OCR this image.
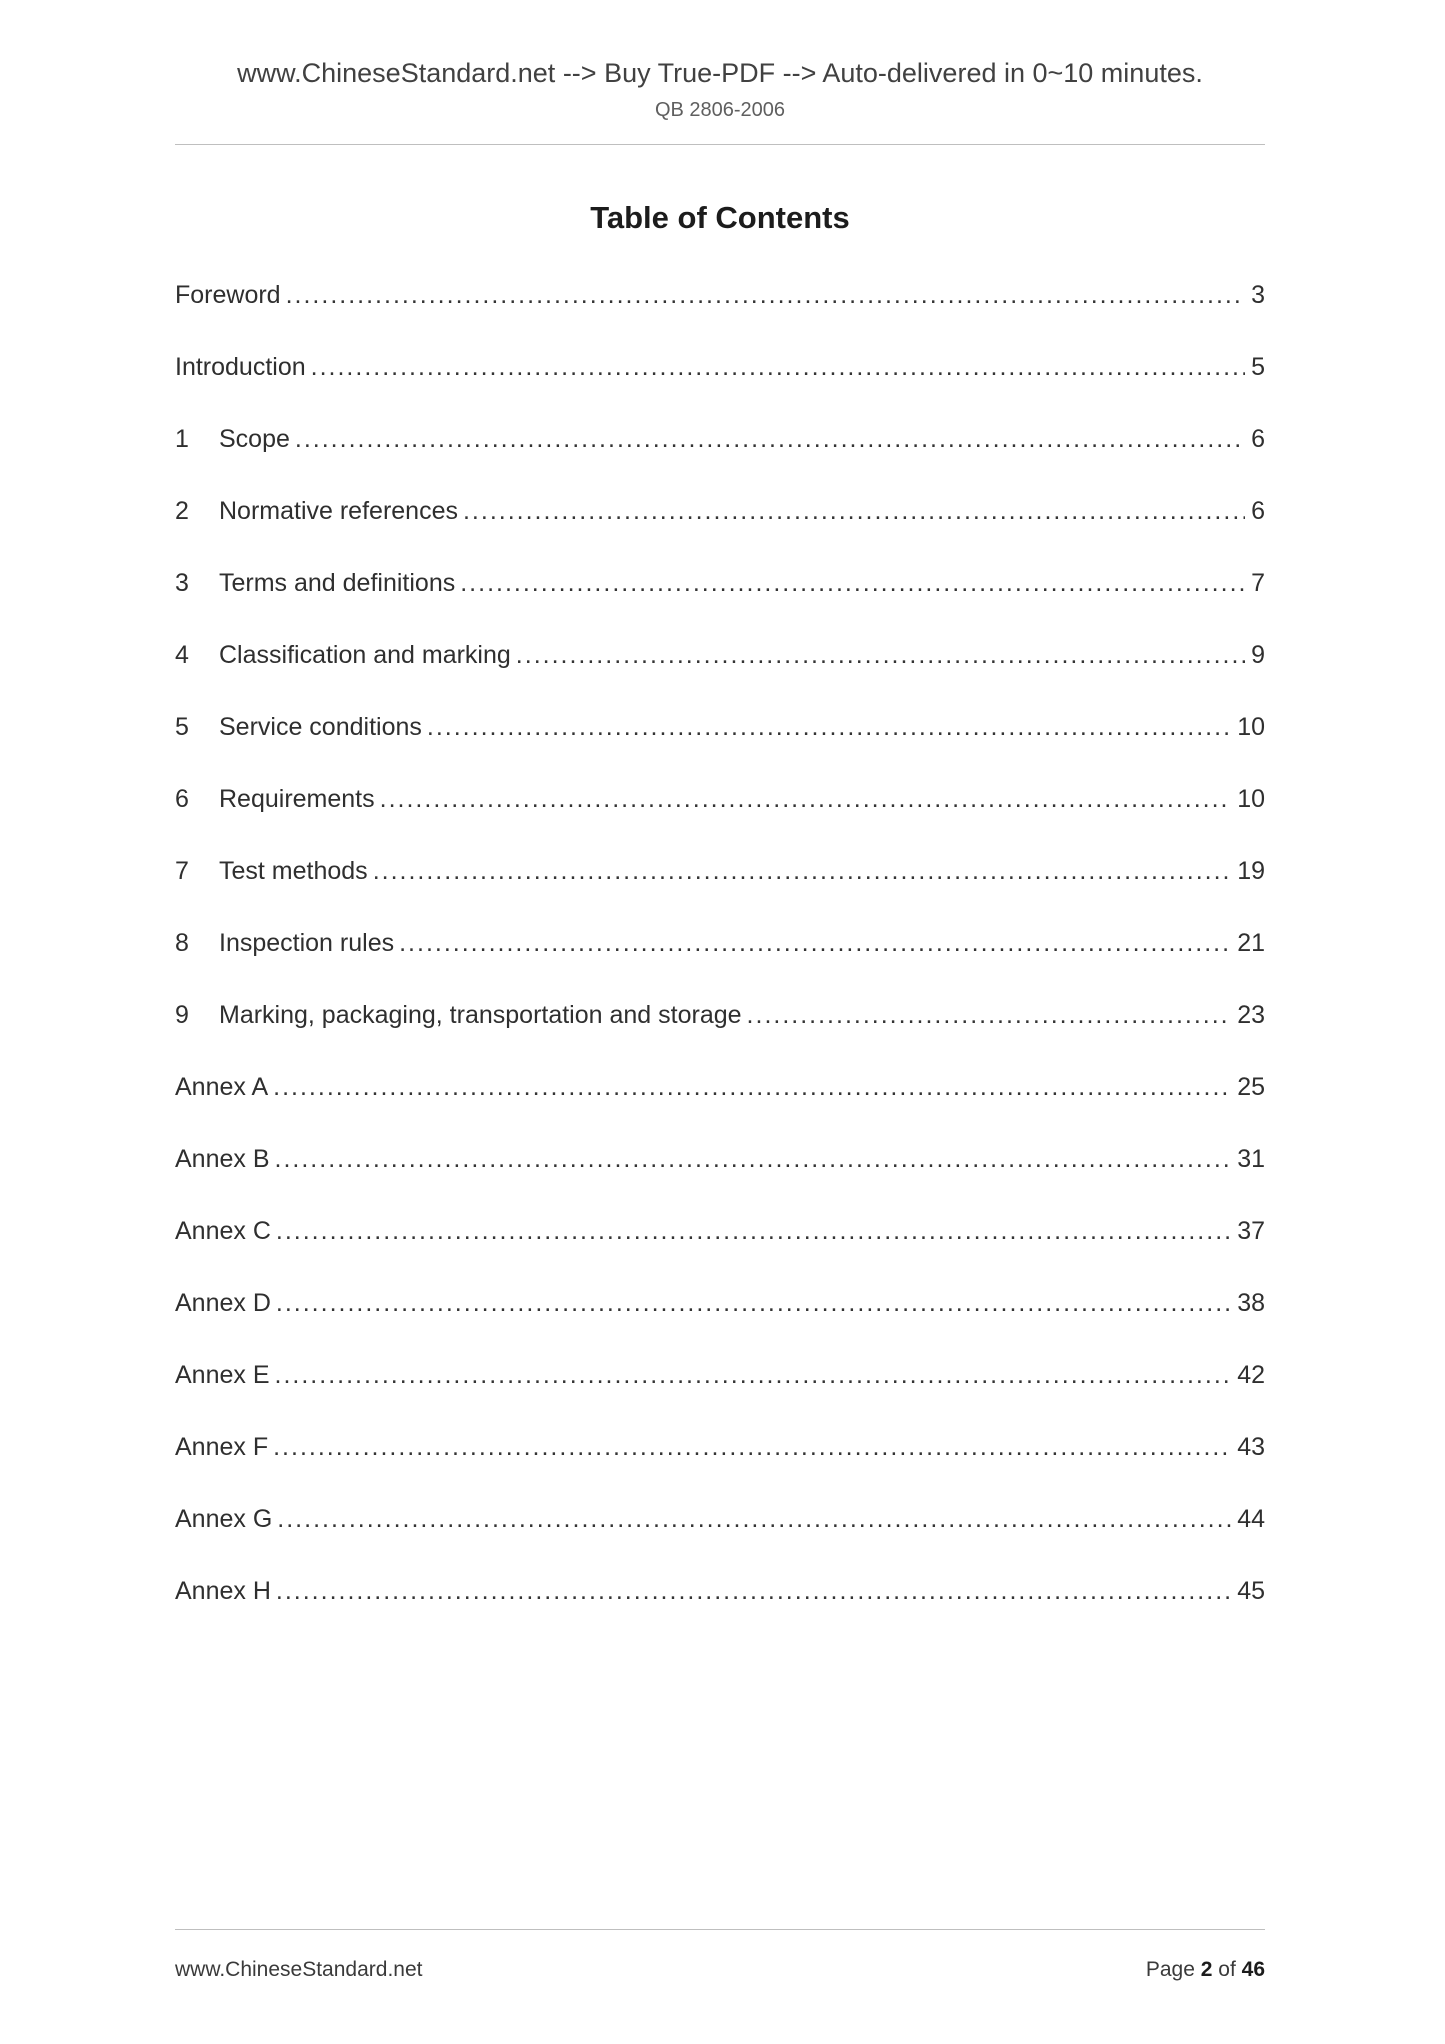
www.ChineseStandard.net --> Buy True-PDF --> Auto-delivered in 0~10 minutes.
QB 2806-2006
Table of Contents
Foreword .....	3
Introduction .....	5
1	Scope .....	6
2	Normative references .....	6
3	Terms and definitions .....	7
4	Classification and marking .....	9
5	Service conditions .....	10
6	Requirements .....	10
7	Test methods .....	19
8	Inspection rules .....	21
9	Marking, packaging, transportation and storage .....	23
Annex A .....	25
Annex B .....	31
Annex C .....	37
Annex D .....	38
Annex E .....	42
Annex F .....	43
Annex G .....	44
Annex H .....	45
www.ChineseStandard.net	Page 2 of 46
